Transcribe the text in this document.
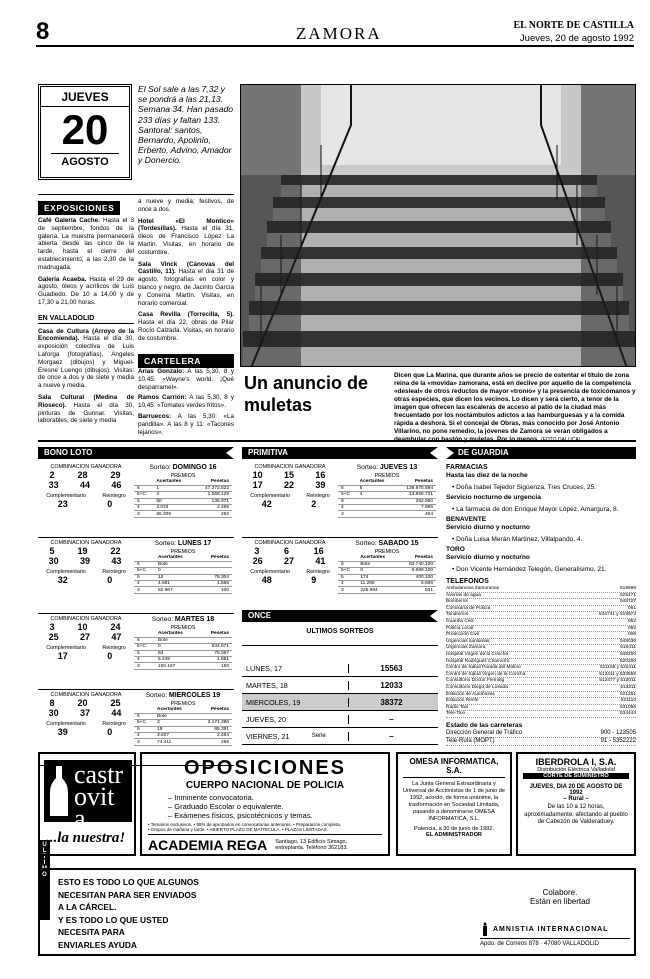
8	ZAMORA	EL NORTE DE CASTILLA
Jueves, 20 de agosto 1992
JUEVES
20
AGOSTO
El Sol sale a las 7,32 y se pondrá a las 21,13. Semana 34. Han pasado 233 días y faltan 133. Santoral: santos, Bernardo, Apolinio, Erberto, Advino, Amador y Donercio.
EXPOSICIONES
Café Galería Cache. Hasta el 3 de septiembre, fondos de la galería. La muestra permanecerá abierta desde las cinco de la tarde, hasta el cierre del establecimiento, a las 2,30 de la madrugada.
Galería Acaeba. Hasta el 29 de agosto, óleos y acrílicos de Luis Guadiedo. De 10 a 14,00 y de 17,30 a 21,00 horas.
EN VALLADOLID
Casa de Cultura (Arroyo de la Encomienda). Hasta el día 30, exposición colectiva de Luis Laforga (fotografías), Angeles Morgaez (dibujos) y Miguel-Eresne Luengo (dibujos). Visitas: de once a dos y de siete y media a nueve y media.
Sala Cultural (Medina de Rioseco). Hasta el día 30, pinturas de Gunnar. Visitas, laborables, de siete y media
a nueve y media; festivos, de once a dos.
Hotel «El Montico» (Tordesillas). Hasta el día 31, óleos de Francisco López La Martin. Visitas, en horario de costumbre.
Sala Vinck (Cánovas del Castillo, 11). Hasta el día 31 de agosto, fotografías en color y blanco y negro, de Jacinto García y Conema Martín. Visitas, en horario comercial.
Casa Revilla (Torrecilla, 5). Hasta el día 22, obras de Pilar Rocío Calzada. Visitas, en horario de costumbre.
CARTELERA
Arias Gonzalo: A las 5,30, 8 y 10,45: «Wayne's world. ¡Qué desparramel».
Ramos Carrión: A las 5,30, 8 y 10,45: «Tomates verdes fritos».
Barruecos: A las 5,30: «La pandilla». A las 8 y 11: «Tacones lejanos».
Un anuncio de muletas
Dicen que La Marina, que durante años se precio de ostentar el título de zona reina de la «movida» zamorana, está en declive por aquello de la competencia «desleal» de otros reductos de mayor «tronio» y la presencia de toxicómanos y otras especies, que dicen los vecinos. Lo dicen y será cierto, a tenor de la imagen que ofrecen las escaleras de acceso al patio de la ciudad más frecuentado por los noctámbulos adictos a las hamburguesas y a la comida rápida a deshora. Si el concejal de Obras, más conocido por José Antonio Villarino, no pone remedio, la jóvenes de Zamora se verán obligados a deambular con bastón y muletas. Por lo menos. (FOTO DALLICA)
BONO LOTO
COMBINACION GANADORA
2	28	29
33 44 46
Complementario	Reintegro
23	0
Sorteo: DOMINGO 16
PREMIOS
	Acertantes	Pesetas
6	1	47.372.822
5+C	3	1.068.129
5	50	135.971
4	3.033	2.465
3	65.309	292
COMBINACION GANADORA
5	19	22
30 39 43
Complementario	Reintegro
32	0
Sorteo: LUNES 17
PREMIOS
	Acertantes	Pesetas
6	Bote	
5+C	0	
5	12	78.304
4	4.681	1.556
3	82.967	100
COMBINACION GANADORA
3	10	24
25 27 47
Complementario	Reintegro
17	0
Sorteo: MARTES 18
PREMIOS
	Acertantes	Pesetas
6	Bote	
5+C	0	634.671
5	84	75.067
4	5.449	1.651
3	100.167	150
COMBINACION GANADORA
8	20	25
30 37 44
Complementario	Reintegro
39	0
Sorteo: MIERCOLES 19
PREMIOS
	Acertantes	Pesetas
6	Bote	
5+C	3	3.174.396
5	18	85.391
4	3.607	2.484
3	74.411	256
ULTIMO
PRIMITIVA
COMBINACION GANADORA
10 15 16
17 22 39
Complementario	Reintegro
42	2
Sorteo: JUEVES 13
PREMIOS
	Acertantes	Pesetas
6	5	139.975.594
5+C	4	13.866.721
5		252.650
4		7.985
3		404
COMBINACION GANADORA
3	6	16
26 27 41
Complementario	Reintegro
48	9
Sorteo: SABADO 15
PREMIOS
	Acertantes	Pesetas
6	Bote	83.740.100
5+C	0	6.688.100
5	174	400.100
4	11.296	6.866
3	225.984	931
ONCE
ULTIMOS SORTEOS
LUNES, 17	15563
MARTES, 18	12033
MIERCOLES, 19	38372
JUEVES, 20	–
VIERNES, 21	Serie	–
DE GUARDIA
FARMACIAS
Hasta las diez de la noche
• Doña Isabel Tejedor Sigüenza, Tres Cruces, 25.
Servicio nocturno de urgencia
• La farmacia de don Enrique Mayor López, Amargura, 8.
BENAVENTE
Servicio diurno y nocturno
• Doña Luisa Merán Martínez, Villalpando, 4.
TORO
Servicio diurno y nocturno
• Don Vicente Hernández Telegón, Generalísimo, 21.
TELEFONOS
Ambulancias Zamoranas	519999
Averías de agua	525471
Bomberos	548727
Comisaría de Policía	091
Tanatorios	534731 y 519973
Guardia Civil	062
Policía Local	092
Protección Civil	006
Urgencias sanitarias	548036
Urgencias Zamora	516411
Hospital Virgen de la Concha	548200
Hospital Rodríguez Chamorro	520200
Centro de Salud Parada del Molino	511155 y 531411
Centro de Salud Virgen de la Concha	513411 y 533555
Consultorio Doctor Fleming	512477 y 512011
Consultorio Diego de Losada	513311
Estación de Autobuses	521281
Estación Renfe	521110
Radio Taxi	531056
Tele-Taxi	534444
Estado de las carreteras
Dirección General de Tráfico	900 - 123505
Tele-Ruta (MOPT)	91 - 5352222
castrovita
...la nuestra!
OPOSICIONES
CUERPO NACIONAL DE POLICIA
– Inminente convocatoria.
– Graduado Escolar o equivalente.
– Exámenes físicos, psicotécnicos y temas.
• Temarios exclusivos. • 95% de aprobados en convocatorias anteriores. • Preparación completa.
• Grupos de mañana y tarde. • ABIERTO PLAZO DE MATRICULA. • PLAZAS LIMITADAS.
ACADEMIA REGA Santiago, 13 Edificio Simago, entreplanta. Teléfono 362183.
OMESA INFORMATICA, S.A.
La Junta General Extraordinaria y Universal de Accionistas de 1 de junio de 1992, acordó, de forma unánime, la trasformación en Sociedad Limitada, pasando a denominarse OMESA INFORMATICA, S.L.
Palencia, a 30 de junio de 1992.
EL ADMINISTRADOR
IBERDROLA I, S.A.
Distribución Eléctrica Valladolid
CORTE DE SUMINISTRO
JUEVES, DIA 20 DE AGOSTO DE 1992
– Rural –
De las 10 a 12 horas, aproximadamente, afectando al pueblo de Cabezón de Valderaduey.
ESTO ES TODO LO QUE ALGUNOS
NECESITAN PARA SER ENVIADOS
A LA CÁRCEL.
Y ES TODO LO QUE USTED
NECESITA PARA
ENVIARLES AYUDA
Colabore.
Están en libertad
AMNISTIA INTERNACIONAL
Apdo. de Correos 878 · 47080 VALLADOLID
